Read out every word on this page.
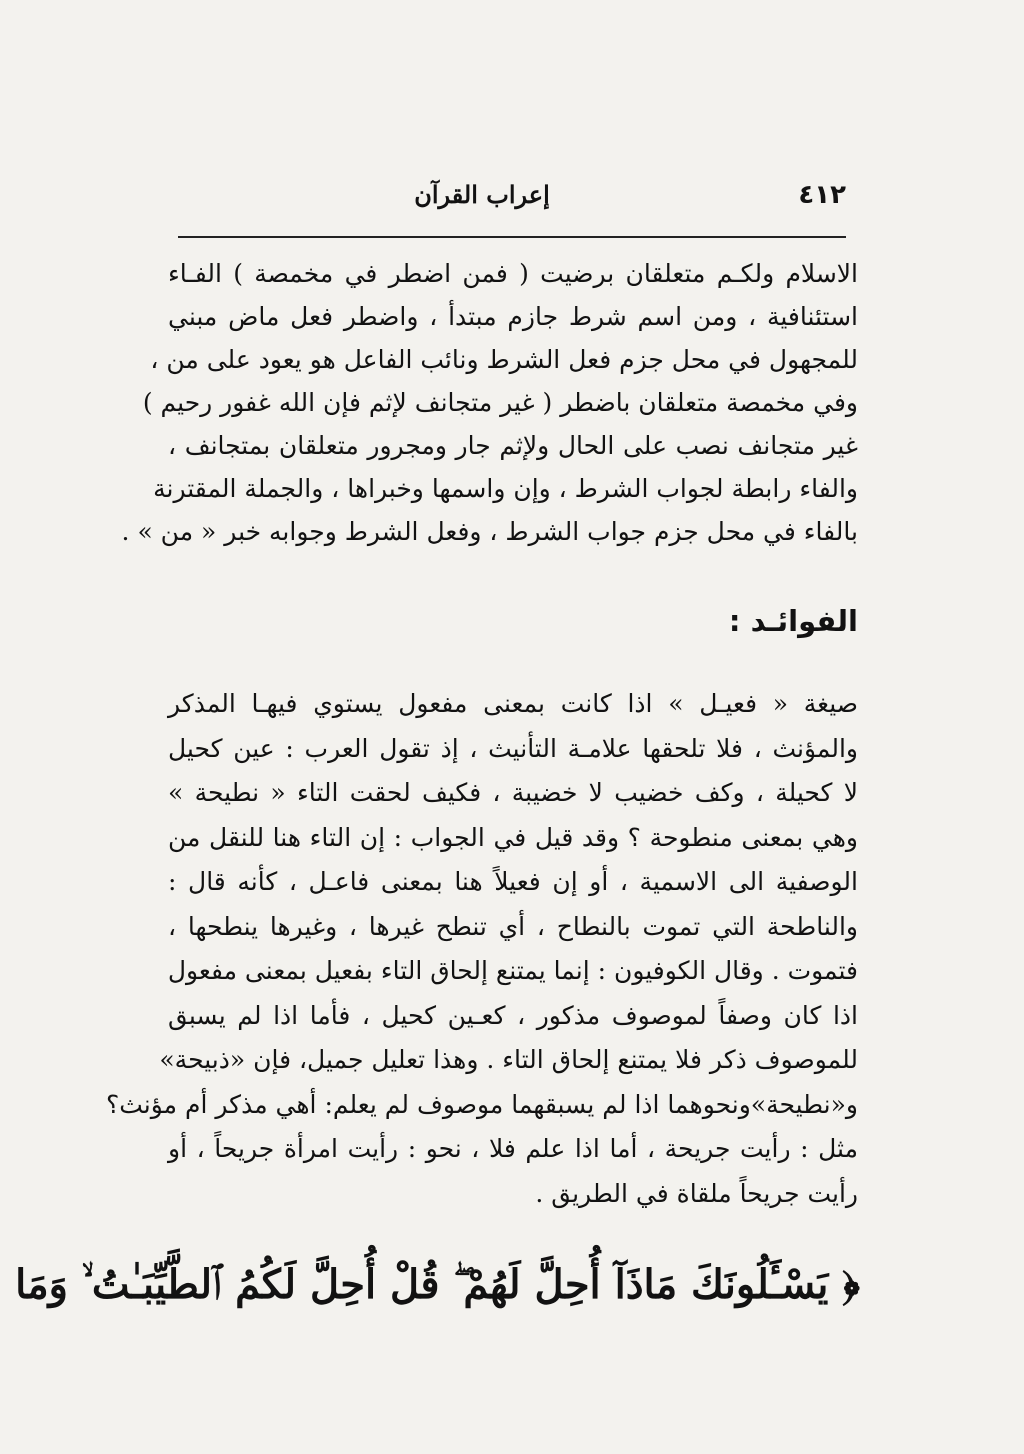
٤١٢
إعراب القرآن
الاسلام ولكـم متعلقان برضيت ( فمن اضطر في مخمصة ) الفـاء
استئنافية ، ومن اسم شرط جازم مبتدأ ، واضطر فعل ماض مبني
للمجهول في محل جزم فعل الشرط ونائب الفاعل هو يعود على من ،
وفي مخمصة متعلقان باضطر ( غير متجانف لإثم فإن الله غفور رحيم )
غير متجانف نصب على الحال ولإثم جار ومجرور متعلقان بمتجانف ،
والفاء رابطة لجواب الشرط ، وإن واسمها وخبراها ، والجملة المقترنة
بالفاء في محل جزم جواب الشرط ، وفعل الشرط وجوابه خبر « من » .
الفوائـد :
صيغة « فعيـل » اذا كانت بمعنى مفعول يستوي فيهـا المذكر
والمؤنث ، فلا تلحقها علامـة التأنيث ، إذ تقول العرب : عين كحيل
لا كحيلة ، وكف خضيب لا خضيبة ، فكيف لحقت التاء « نطيحة »
وهي بمعنى منطوحة ؟ وقد قيل في الجواب : إن التاء هنا للنقل من
الوصفية الى الاسمية ، أو إن فعيلاً هنا بمعنى فاعـل ، كأنه قال :
والناطحة التي تموت بالنطاح ، أي تنطح غيرها ، وغيرها ينطحها ،
فتموت . وقال الكوفيون : إنما يمتنع إلحاق التاء بفعيل بمعنى مفعول
اذا كان وصفاً لموصوف مذكور ، كعـين كحيل ، فأما اذا لم يسبق
للموصوف ذكر فلا يمتنع إلحاق التاء . وهذا تعليل جميل، فإن «ذبيحة»
و«نطيحة»ونحوهما اذا لم يسبقهما موصوف لم يعلم: أهي مذكر أم مؤنث؟
مثل : رأيت جريحة ، أما اذا علم فلا ، نحو : رأيت امرأة جريحاً ، أو
رأيت جريحاً ملقاة في الطريق .
﴿ يَسْـَٔلُونَكَ مَاذَآ أُحِلَّ لَهُمْ ۖ قُلْ أُحِلَّ لَكُمُ ٱلطَّيِّبَـٰتُ ۙ وَمَا
